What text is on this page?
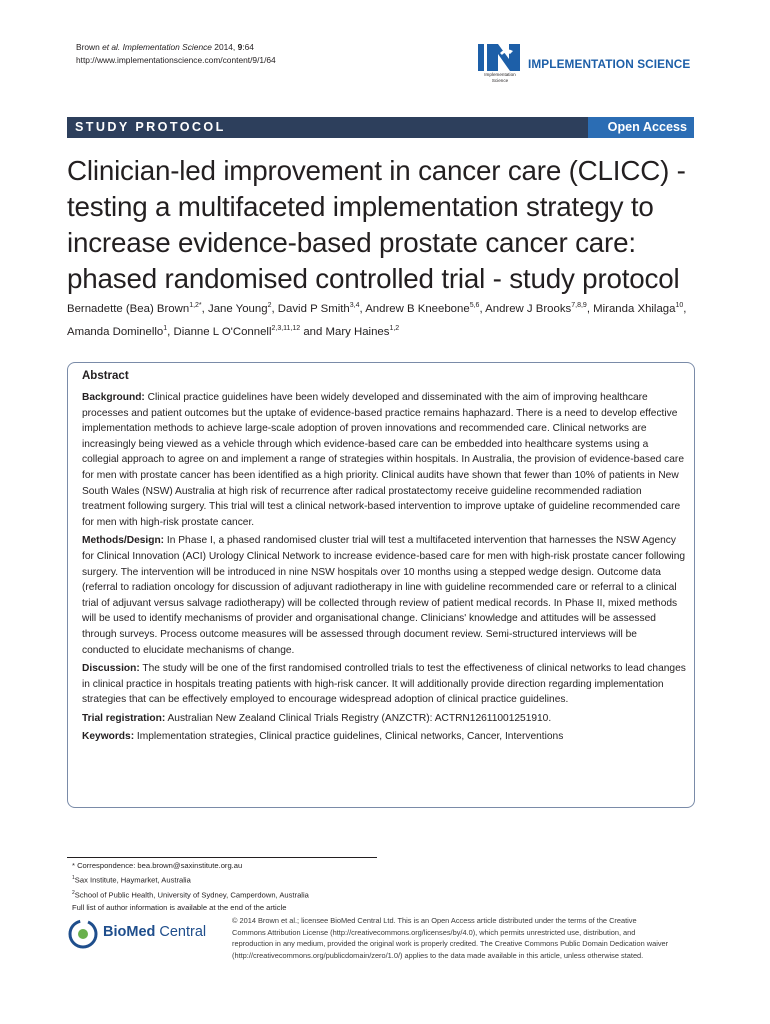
Brown et al. Implementation Science 2014, 9:64
http://www.implementationscience.com/content/9/1/64	IMPLEMENTATION SCIENCE
Implementation
Science
STUDY PROTOCOL	Open Access
Clinician-led improvement in cancer care (CLICC) - testing a multifaceted implementation strategy to increase evidence-based prostate cancer care: phased randomised controlled trial - study protocol
Bernadette (Bea) Brown$^{1,2*}$, Jane Young$^2$, David P Smith$^{3,4}$, Andrew B Kneebone$^{5,6}$, Andrew J Brooks$^{7,8,9}$, Miranda Xhilaga$^{10}$, Amanda Dominello$^1$, Dianne L O'Connell$^{2,3,11,12}$ and Mary Haines$^{1,2}$
Abstract

Background: Clinical practice guidelines have been widely developed and disseminated with the aim of improving healthcare processes and patient outcomes but the uptake of evidence-based practice remains haphazard. There is a need to develop effective implementation methods to achieve large-scale adoption of proven innovations and recommended care. Clinical networks are increasingly being viewed as a vehicle through which evidence-based care can be embedded into healthcare systems using a collegial approach to agree on and implement a range of strategies within hospitals. In Australia, the provision of evidence-based care for men with prostate cancer has been identified as a high priority. Clinical audits have shown that fewer than 10% of patients in New South Wales (NSW) Australia at high risk of recurrence after radical prostatectomy receive guideline recommended radiation treatment following surgery. This trial will test a clinical network-based intervention to improve uptake of guideline recommended care for men with high-risk prostate cancer.

Methods/Design: In Phase I, a phased randomised cluster trial will test a multifaceted intervention that harnesses the NSW Agency for Clinical Innovation (ACI) Urology Clinical Network to increase evidence-based care for men with high-risk prostate cancer following surgery. The intervention will be introduced in nine NSW hospitals over 10 months using a stepped wedge design. Outcome data (referral to radiation oncology for discussion of adjuvant radiotherapy in line with guideline recommended care or referral to a clinical trial of adjuvant versus salvage radiotherapy) will be collected through review of patient medical records. In Phase II, mixed methods will be used to identify mechanisms of provider and organisational change. Clinicians' knowledge and attitudes will be assessed through surveys. Process outcome measures will be assessed through document review. Semi-structured interviews will be conducted to elucidate mechanisms of change.

Discussion: The study will be one of the first randomised controlled trials to test the effectiveness of clinical networks to lead changes in clinical practice in hospitals treating patients with high-risk cancer. It will additionally provide direction regarding implementation strategies that can be effectively employed to encourage widespread adoption of clinical practice guidelines.

Trial registration: Australian New Zealand Clinical Trials Registry (ANZCTR): ACTRN12611001251910.

Keywords: Implementation strategies, Clinical practice guidelines, Clinical networks, Cancer, Interventions

* Correspondence: bea.brown@saxinstitute.org.au
$^1$Sax Institute, Haymarket, Australia
$^2$School of Public Health, University of Sydney, Camperdown, Australia
Full list of author information is available at the end of the article
BioMed Central
© 2014 Brown et al.; licensee BioMed Central Ltd. This is an Open Access article distributed under the terms of the Creative Commons Attribution License (http://creativecommons.org/licenses/by/4.0), which permits unrestricted use, distribution, and reproduction in any medium, provided the original work is properly credited. The Creative Commons Public Domain Dedication waiver (http://creativecommons.org/publicdomain/zero/1.0/) applies to the data made available in this article, unless otherwise stated.
